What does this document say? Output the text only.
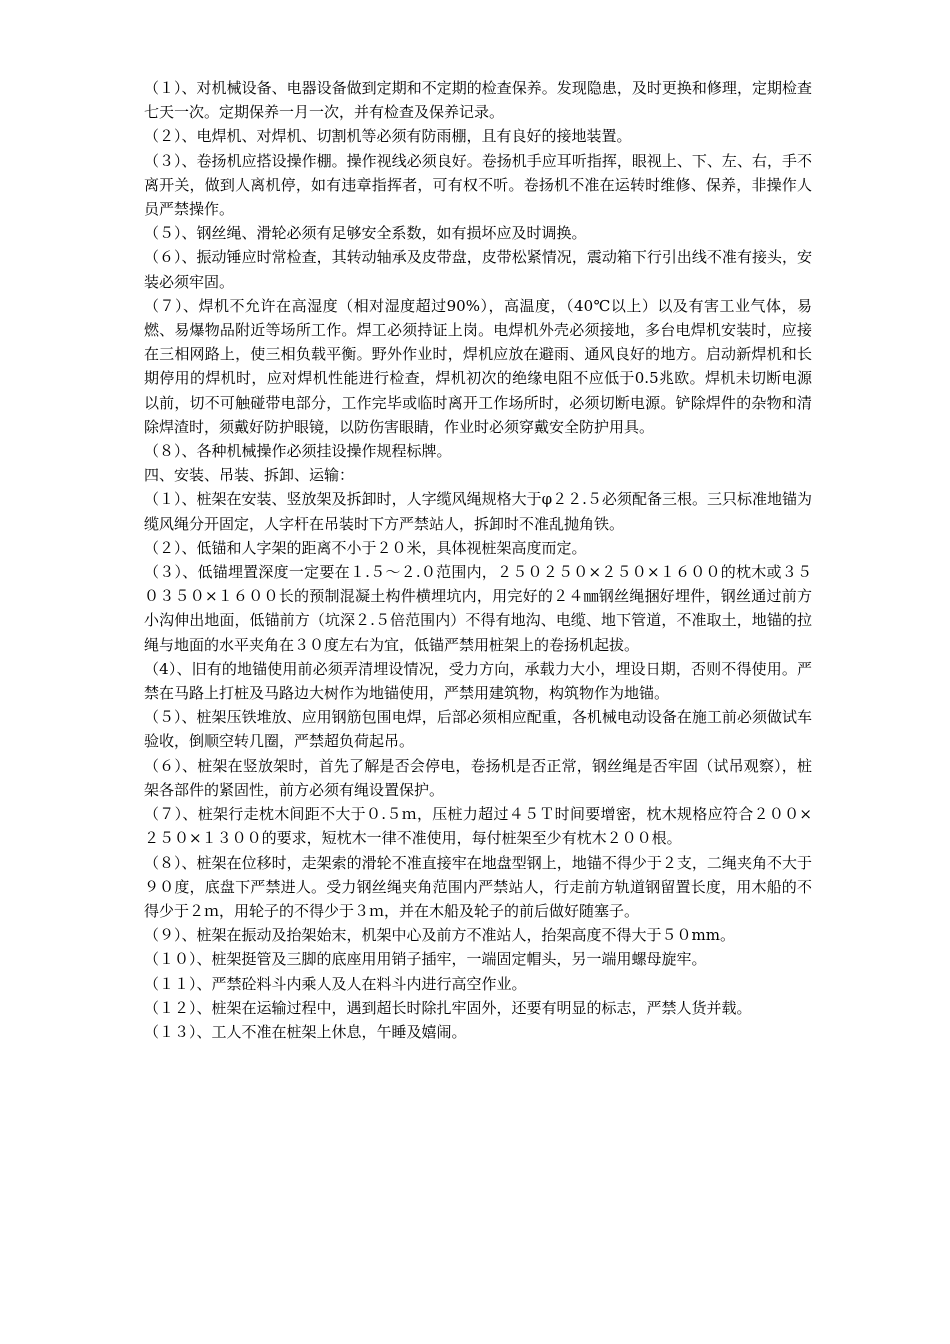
（１）、对机械设备、电器设备做到定期和不定期的检查保养。发现隐患，及时更换和修理，定期检查七天一次。定期保养一月一次，并有检查及保养记录。

（２）、电焊机、对焊机、切割机等必须有防雨棚，且有良好的接地装置。

（３）、卷扬机应搭设操作棚。操作视线必须良好。卷扬机手应耳听指挥，眼视上、下、左、右，手不离开关，做到人离机停，如有违章指挥者，可有权不听。卷扬机不准在运转时维修、保养，非操作人员严禁操作。

（５）、钢丝绳、滑轮必须有足够安全系数，如有损坏应及时调换。

（６）、振动锤应时常检查，其转动轴承及皮带盘，皮带松紧情况，震动箱下行引出线不准有接头，安装必须牢固。

（７）、焊机不允许在高湿度（相对湿度超过90%），高温度，（40℃以上）以及有害工业气体，易燃、易爆物品附近等场所工作。焊工必须持证上岗。电焊机外壳必须接地，多台电焊机安装时，应接在三相网路上，使三相负载平衡。野外作业时，焊机应放在避雨、通风良好的地方。启动新焊机和长期停用的焊机时，应对焊机性能进行检查，焊机初次的绝缘电阻不应低于0.5兆欧。焊机未切断电源以前，切不可触碰带电部分，工作完毕或临时离开工作场所时，必须切断电源。铲除焊件的杂物和清除焊渣时，须戴好防护眼镜，以防伤害眼睛，作业时必须穿戴安全防护用具。

（８）、各种机械操作必须挂设操作规程标牌。

四、安装、吊装、拆卸、运输：

（１）、桩架在安装、竖放架及拆卸时，人字缆风绳规格大于φ２２.５必须配备三根。三只标准地锚为缆风绳分开固定，人字杆在吊装时下方严禁站人，拆卸时不准乱抛角铁。

（２）、低锚和人字架的距离不小于２０米，具体视桩架高度而定。

（３）、低锚埋置深度一定要在１.５～２.０范围内，２５０２５０×２５０×１６００的枕木或３５０３５０×１６００长的预制混凝土构件横埋坑内，用完好的２４㎜钢丝绳捆好埋件，钢丝通过前方小沟伸出地面，低锚前方（坑深２.５倍范围内）不得有地沟、电缆、地下管道，不准取土，地锚的拉绳与地面的水平夹角在３０度左右为宜，低锚严禁用桩架上的卷扬机起拔。

（4）、旧有的地锚使用前必须弄清埋设情况，受力方向，承载力大小，埋设日期，否则不得使用。严禁在马路上打桩及马路边大树作为地锚使用，严禁用建筑物，构筑物作为地锚。

（５）、桩架压铁堆放、应用钢筋包围电焊，后部必须相应配重，各机械电动设备在施工前必须做试车验收，倒顺空转几圈，严禁超负荷起吊。

（６）、桩架在竖放架时，首先了解是否会停电，卷扬机是否正常，钢丝绳是否牢固（试吊观察），桩架各部件的紧固性，前方必须有绳设置保护。

（７）、桩架行走枕木间距不大于０.５ｍ，压桩力超过４５Ｔ时间要增密，枕木规格应符合２００×２５０×１３００的要求，短枕木一律不准使用，每付桩架至少有枕木２００根。

（８）、桩架在位移时，走架索的滑轮不准直接牢在地盘型钢上，地锚不得少于２支，二绳夹角不大于９０度，底盘下严禁进人。受力钢丝绳夹角范围内严禁站人，行走前方轨道钢留置长度，用木船的不得少于２ｍ，用轮子的不得少于３ｍ，并在木船及轮子的前后做好随塞子。

（９）、桩架在振动及抬架始末，机架中心及前方不准站人，抬架高度不得大于５０mm。

（１０）、桩架挺管及三脚的底座用用销子插牢，一端固定帽头，另一端用螺母旋牢。

（１１）、严禁砼料斗内乘人及人在料斗内进行高空作业。

（１２）、桩架在运输过程中，遇到超长时除扎牢固外，还要有明显的标志，严禁人货并载。

（１３）、工人不准在桩架上休息，午睡及嬉闹。
